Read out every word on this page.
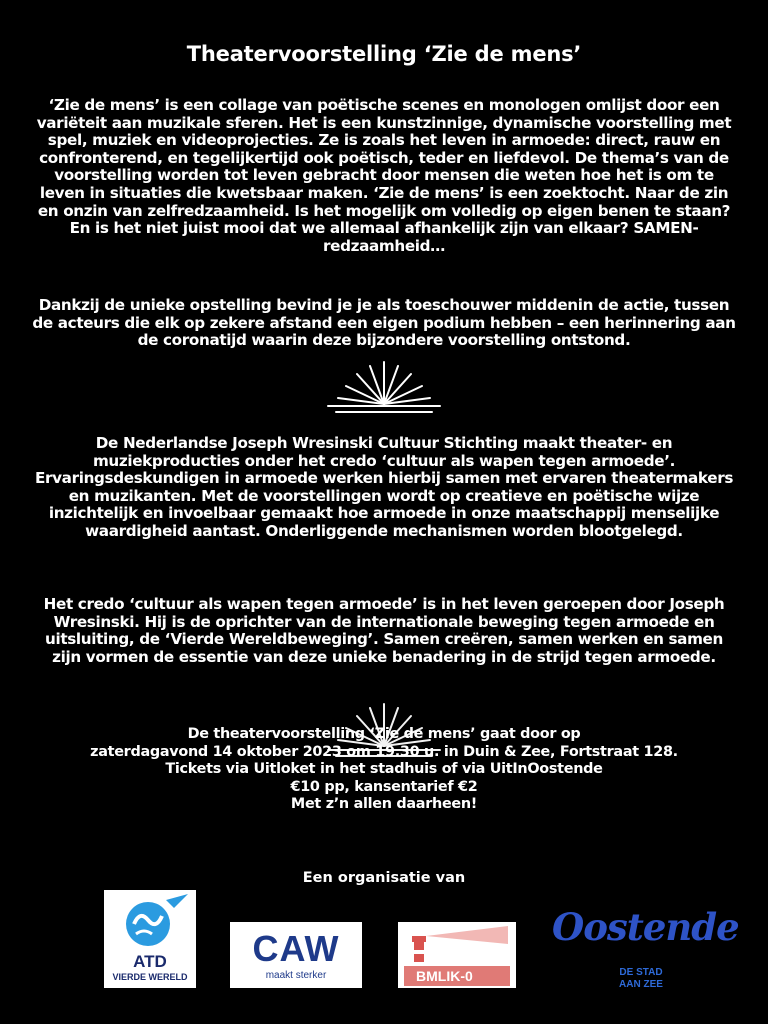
Theatervoorstelling ‘Zie de mens’

‘Zie de mens’ is een collage van poëtische scenes en monologen omlijst door een variëteit aan muzikale sferen. Het is een kunstzinnige, dynamische voorstelling met spel, muziek en videoprojecties. Ze is zoals het leven in armoede: direct, rauw en confronterend, en tegelijkertijd ook poëtisch, teder en liefdevol. De thema’s van de voorstelling worden tot leven gebracht door mensen die weten hoe het is om te leven in situaties die kwetsbaar maken. ‘Zie de mens’ is een zoektocht. Naar de zin en onzin van zelfredzaamheid. Is het mogelijk om volledig op eigen benen te staan? En is het niet juist mooi dat we allemaal afhankelijk zijn van elkaar? SAMEN-redzaamheid…

Dankzij de unieke opstelling bevind je je als toeschouwer middenin de actie, tussen de acteurs die elk op zekere afstand een eigen podium hebben – een herinnering aan de coronatijd waarin deze bijzondere voorstelling ontstond.

De Nederlandse Joseph Wresinski Cultuur Stichting maakt theater- en muziekproducties onder het credo ‘cultuur als wapen tegen armoede’. Ervaringsdeskundigen in armoede werken hierbij samen met ervaren theatermakers en muzikanten. Met de voorstellingen wordt op creatieve en poëtische wijze inzichtelijk en invoelbaar gemaakt hoe armoede in onze maatschappij menselijke waardigheid aantast. Onderliggende mechanismen worden blootgelegd.

Het credo ‘cultuur als wapen tegen armoede’ is in het leven geroepen door Joseph Wresinski. Hij is de oprichter van de internationale beweging tegen armoede en uitsluiting, de ‘Vierde Wereldbeweging’. Samen creëren, samen werken en samen zijn vormen de essentie van deze unieke benadering in de strijd tegen armoede.

De theatervoorstelling ‘Zie de mens’ gaat door op
zaterdagavond 14 oktober 2023 om 19.30 u. in Duin & Zee, Fortstraat 128.
Tickets via Uitloket in het stadhuis of via UitInOostende
€10 pp, kansentarief €2
Met z’n allen daarheen!
Een organisatie van
ATD
VIERDE WERELD
CAW
maakt sterker	BMLIK-0
Oostende
DE STAD
AAN ZEE
